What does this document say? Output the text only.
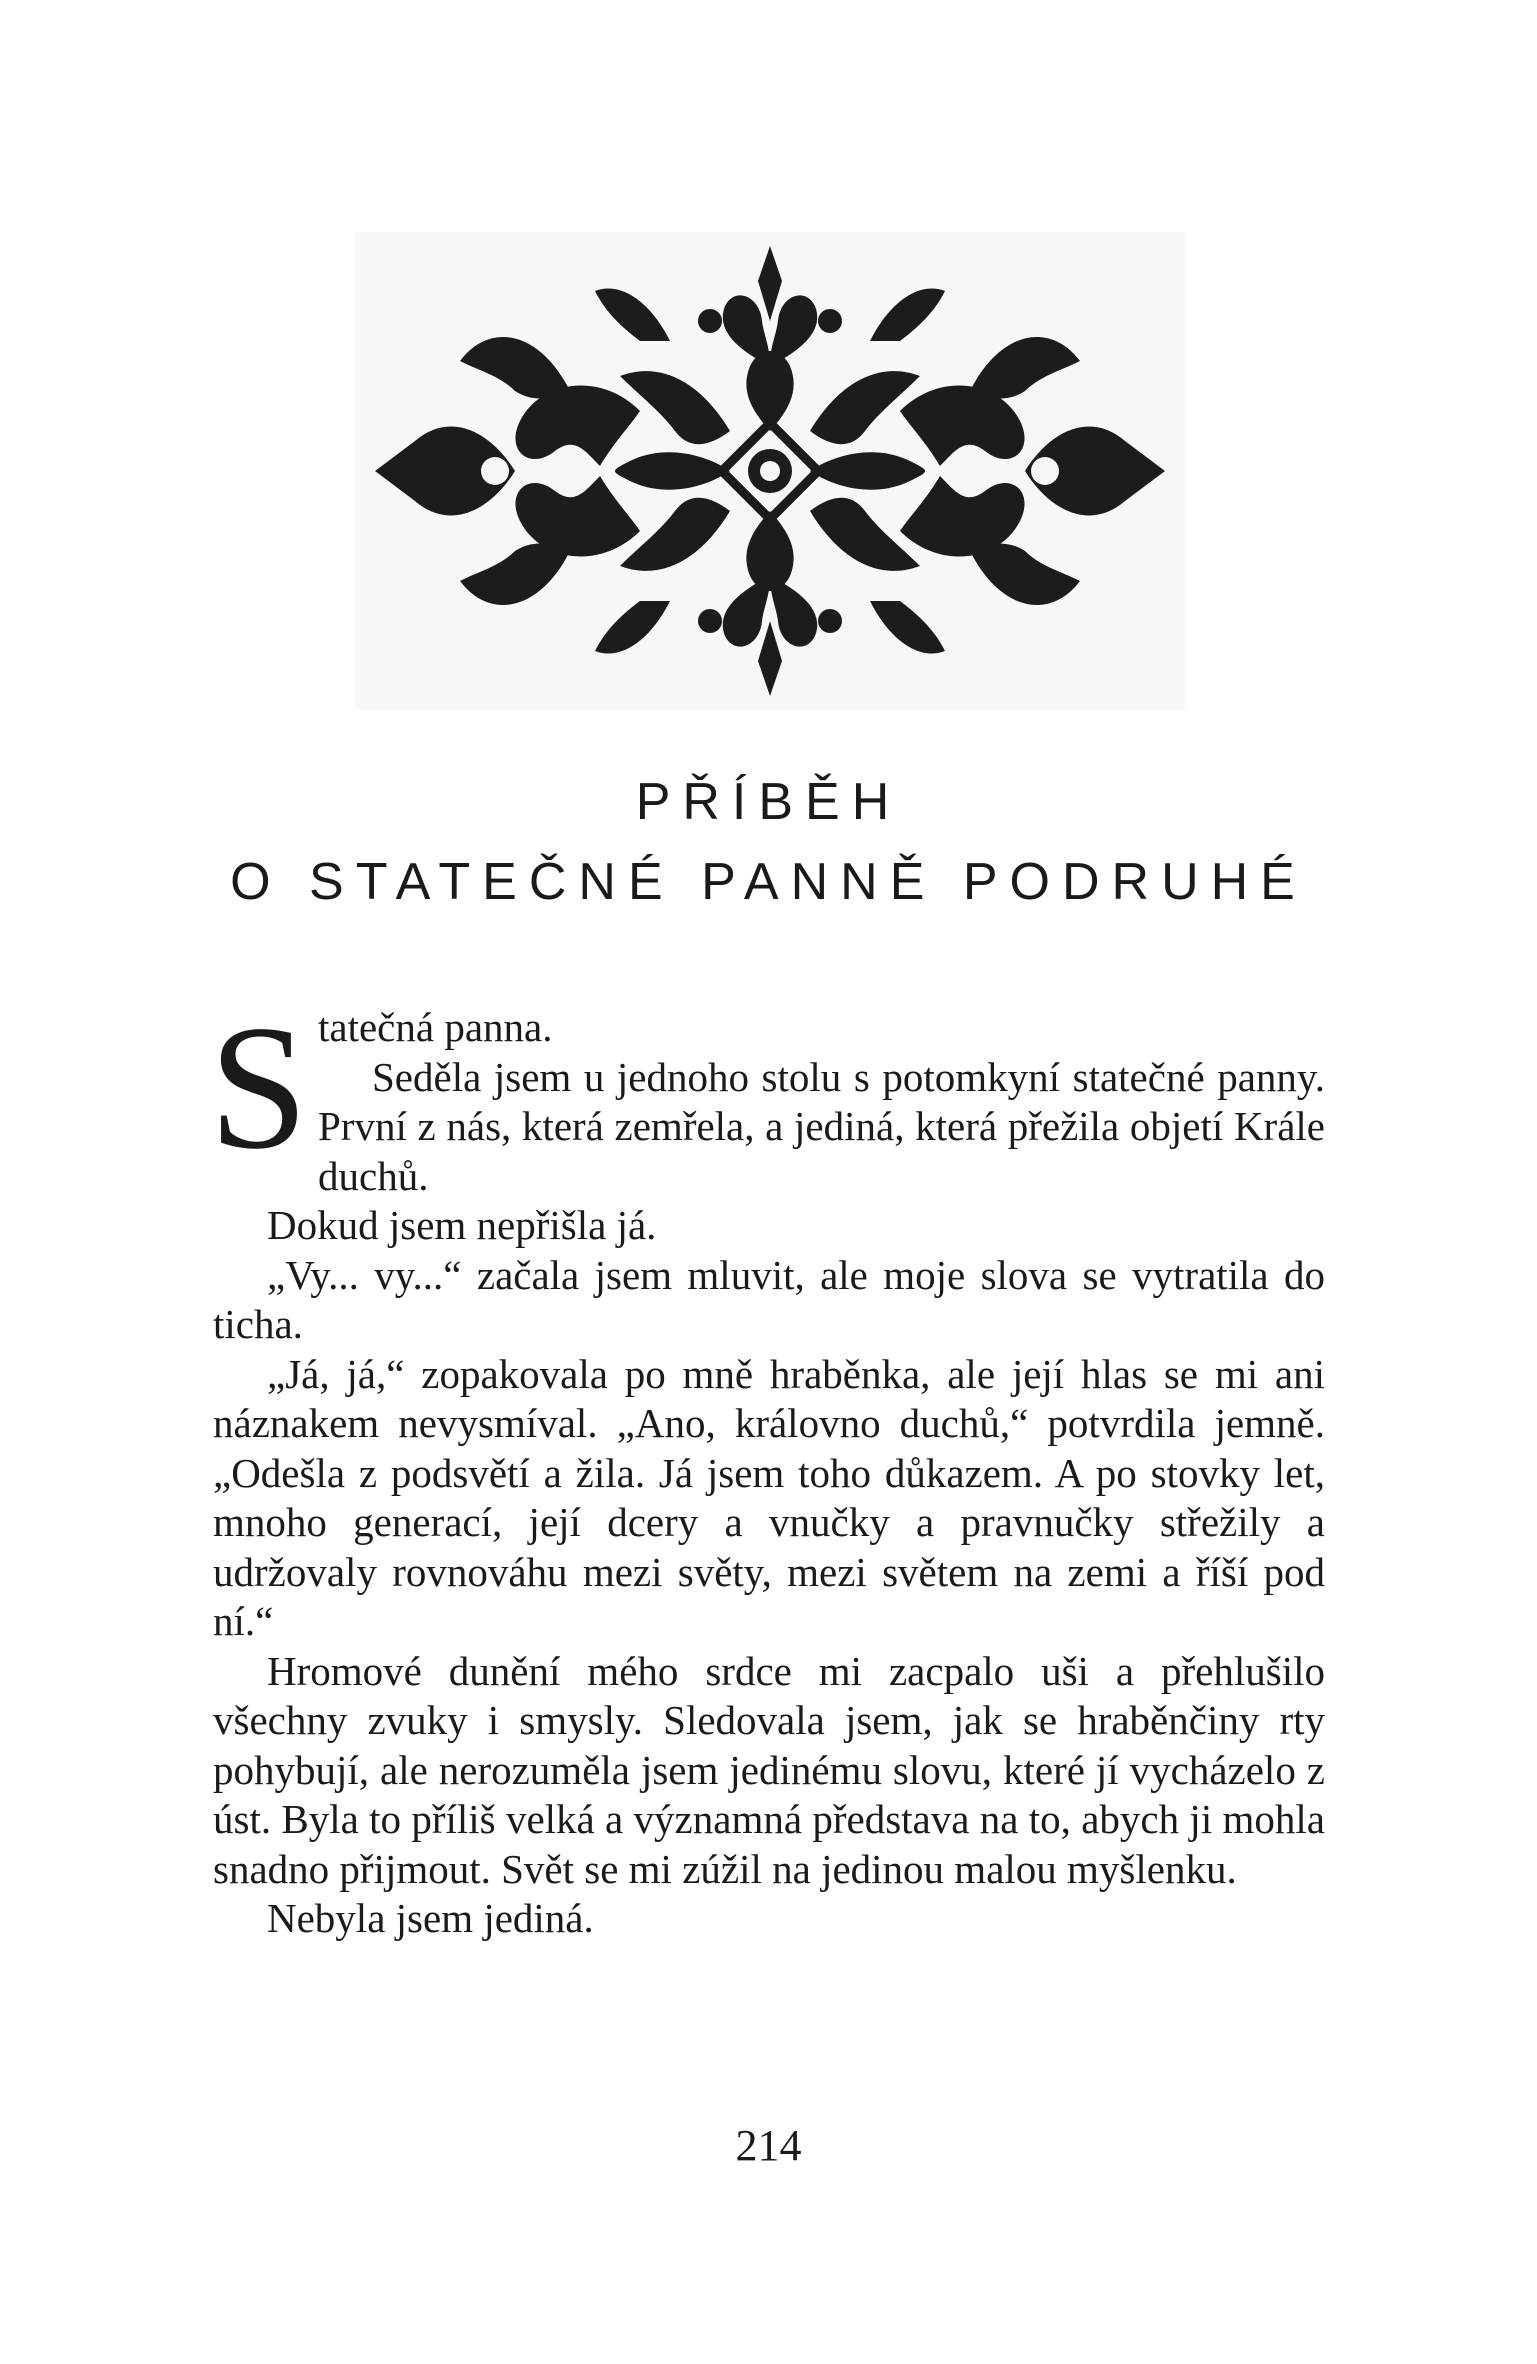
PŘÍBĚH
O STATEČNÉ PANNĚ PODRUHÉ

Statečná panna.

Seděla jsem u jednoho stolu s potomkyní statečné panny. První z nás, která zemřela, a jediná, která přežila objetí Krále duchů.

Dokud jsem nepřišla já.

„Vy... vy...“ začala jsem mluvit, ale moje slova se vytratila do ticha.

„Já, já,“ zopakovala po mně hraběnka, ale její hlas se mi ani náznakem nevysmíval. „Ano, královno duchů,“ potvrdila jemně. „Odešla z podsvětí a žila. Já jsem toho důkazem. A po stovky let, mnoho generací, její dcery a vnučky a pravnučky střežily a udržovaly rovnováhu mezi světy, mezi světem na zemi a říší pod ní.“

Hromové dunění mého srdce mi zacpalo uši a přehlušilo všechny zvuky i smysly. Sledovala jsem, jak se hraběnčiny rty pohybují, ale nerozuměla jsem jedinému slovu, které jí vycházelo z úst. Byla to příliš velká a významná představa na to, abych ji mohla snadno přijmout. Svět se mi zúžil na jedinou malou myšlenku.

Nebyla jsem jediná.

214
